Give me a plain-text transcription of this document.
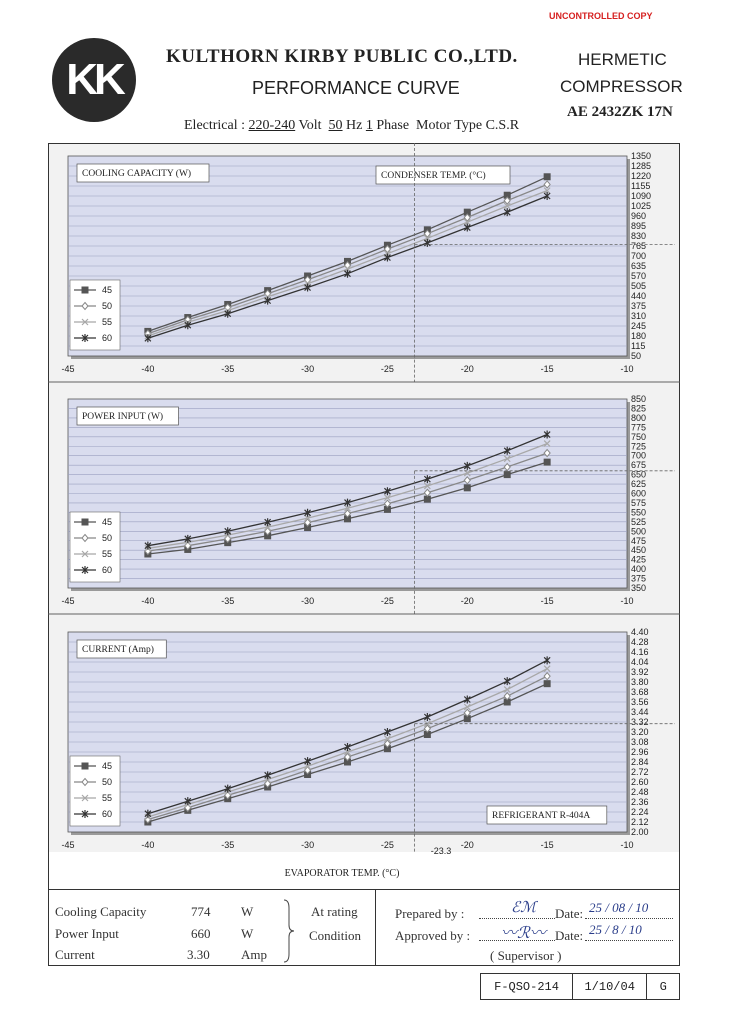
UNCONTROLLED COPY
KK	KULTHORN KIRBY PUBLIC CO.,LTD.
PERFORMANCE CURVE
HERMETIC
COMPRESSOR
AE 2432ZK 17N
Electrical : 220-240 Volt 50 Hz 1 Phase Motor Type C.S.R
50
115
180
245
310
375
440
505
570
635
700
765
830
895
960
1025
1090
1155
1220
1285
1350
-45	-40	-35	-30	-25	-20	-15	-10
45
50
55
60
COOLING CAPACITY (W)	CONDENSER TEMP. (°C)
350
375
400
425
450
475
500
525
550
575
600
625
650
675
700
725
750
775
800
825
850
-45	-40	-35	-30	-25	-20	-15	-10
45
50
55
60
POWER INPUT (W)
2.00
2.12
2.24
2.36
2.48
2.60
2.72
2.84
2.96
3.08
3.20
3.32
3.44
3.56
3.68
3.80
3.92
4.04
4.16
4.28
4.40
-45	-40	-35	-30	-25	-20	-15	-10
45
50
55
60
CURRENT (Amp)
REFRIGERANT R-404A
-23.3
EVAPORATOR TEMP. (°C)
Cooling Capacity	774 W
Power Input	660 W
Current	3.30 Amp
At rating
Condition
Prepared by :	ℰℳ Date: 25 / 08 / 10
Approved by : 〰ℛ〰 Date: 25 / 8 / 10
( Supervisor )
F-QSO-214	1/10/04	G
